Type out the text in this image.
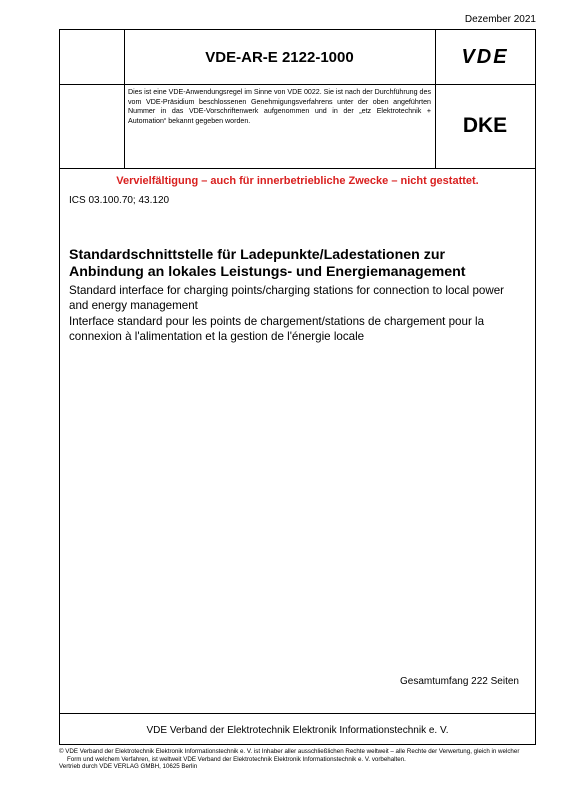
Dezember 2021
VDE-AR-E 2122-1000	VDE
Dies ist eine VDE-Anwendungsregel im Sinne von VDE 0022. Sie ist nach der Durchführung des vom VDE-Präsidium beschlossenen Genehmigungsverfahrens unter der oben angeführten Nummer in das VDE-Vorschriftenwerk aufgenommen und in der „etz Elektrotechnik + Automation“ bekannt gegeben worden.	DKE
Vervielfältigung – auch für innerbetriebliche Zwecke – nicht gestattet.
ICS 03.100.70; 43.120
Standardschnittstelle für Ladepunkte/Ladestationen zur Anbindung an lokales Leistungs- und Energiemanagement
Standard interface for charging points/charging stations for connection to local power and energy management
Interface standard pour les points de chargement/stations de chargement pour la connexion à l'alimentation et la gestion de l'énergie locale
Gesamtumfang 222 Seiten
VDE Verband der Elektrotechnik Elektronik Informationstechnik e. V.
© VDE Verband der Elektrotechnik Elektronik Informationstechnik e. V. ist Inhaber aller ausschließlichen Rechte weltweit – alle Rechte der Verwertung, gleich in welcher

Form und welchem Verfahren, ist weltweit VDE Verband der Elektrotechnik Elektronik Informationstechnik e. V. vorbehalten.
Vertrieb durch VDE VERLAG GMBH, 10625 Berlin
